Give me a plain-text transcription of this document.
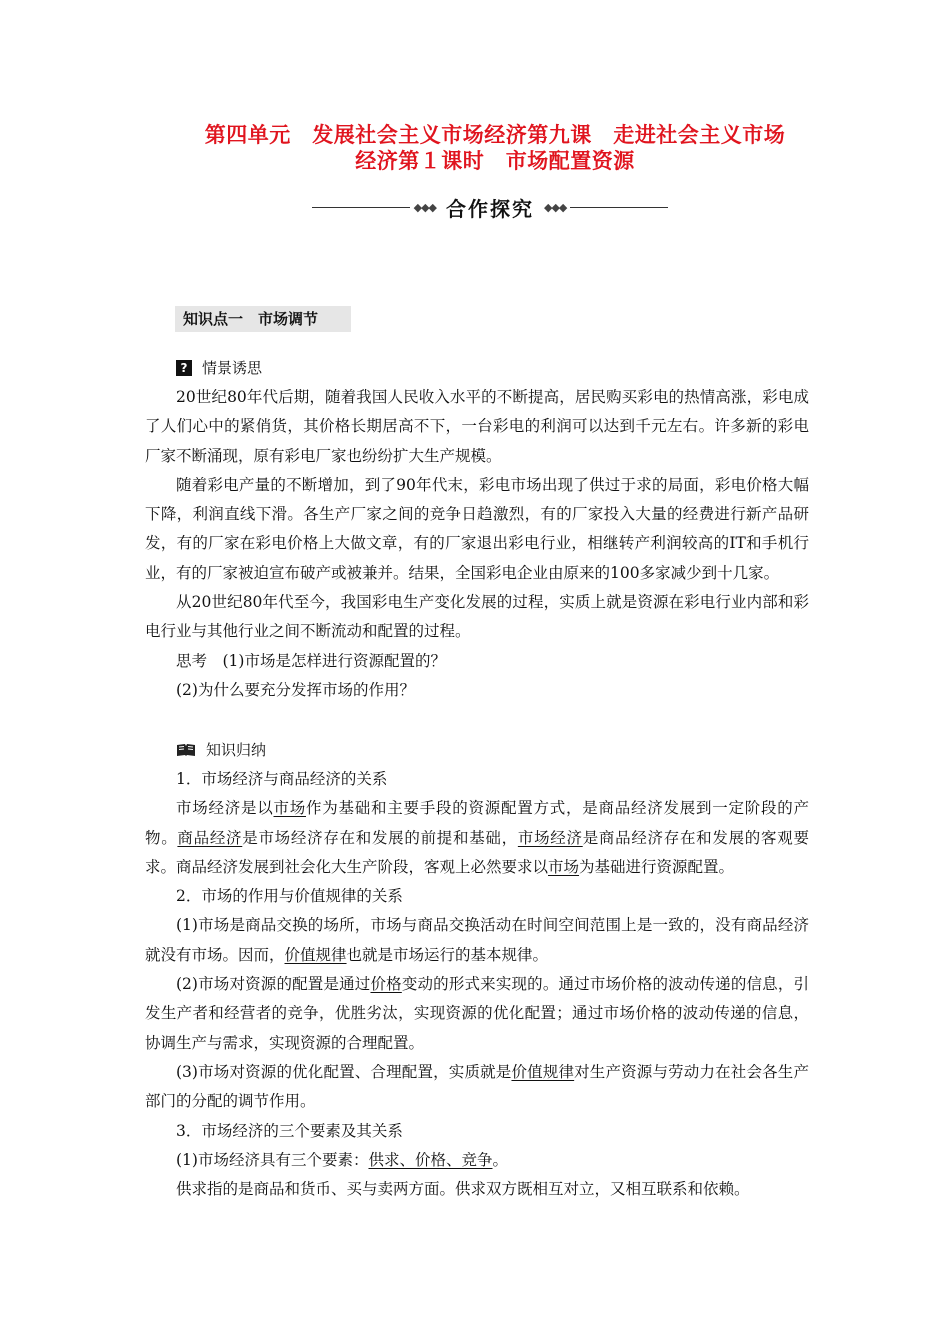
第四单元　发展社会主义市场经济第九课　走进社会主义市场
经济第１课时　市场配置资源
◆◆◆ 合作探究 ◆◆◆
知识点一　市场调节
? 情景诱思

20世纪80年代后期，随着我国人民收入水平的不断提高，居民购买彩电的热情高涨，彩电成了人们心中的紧俏货，其价格长期居高不下，一台彩电的利润可以达到千元左右。许多新的彩电厂家不断涌现，原有彩电厂家也纷纷扩大生产规模。

随着彩电产量的不断增加，到了90年代末，彩电市场出现了供过于求的局面，彩电价格大幅下降，利润直线下滑。各生产厂家之间的竞争日趋激烈，有的厂家投入大量的经费进行新产品研发，有的厂家在彩电价格上大做文章，有的厂家退出彩电行业，相继转产利润较高的IT和手机行业，有的厂家被迫宣布破产或被兼并。结果，全国彩电企业由原来的100多家减少到十几家。

从20世纪80年代至今，我国彩电生产变化发展的过程，实质上就是资源在彩电行业内部和彩电行业与其他行业之间不断流动和配置的过程。

思考　(1)市场是怎样进行资源配置的？

(2)为什么要充分发挥市场的作用？

知识归纳

1．市场经济与商品经济的关系

市场经济是以市场作为基础和主要手段的资源配置方式，是商品经济发展到一定阶段的产物。商品经济是市场经济存在和发展的前提和基础，市场经济是商品经济存在和发展的客观要求。商品经济发展到社会化大生产阶段，客观上必然要求以市场为基础进行资源配置。

2．市场的作用与价值规律的关系

(1)市场是商品交换的场所，市场与商品交换活动在时间空间范围上是一致的，没有商品经济就没有市场。因而，价值规律也就是市场运行的基本规律。

(2)市场对资源的配置是通过价格变动的形式来实现的。通过市场价格的波动传递的信息，引发生产者和经营者的竞争，优胜劣汰，实现资源的优化配置；通过市场价格的波动传递的信息，协调生产与需求，实现资源的合理配置。

(3)市场对资源的优化配置、合理配置，实质就是价值规律对生产资源与劳动力在社会各生产部门的分配的调节作用。

3．市场经济的三个要素及其关系

(1)市场经济具有三个要素：供求、价格、竞争。

供求指的是商品和货币、买与卖两方面。供求双方既相互对立，又相互联系和依赖。
